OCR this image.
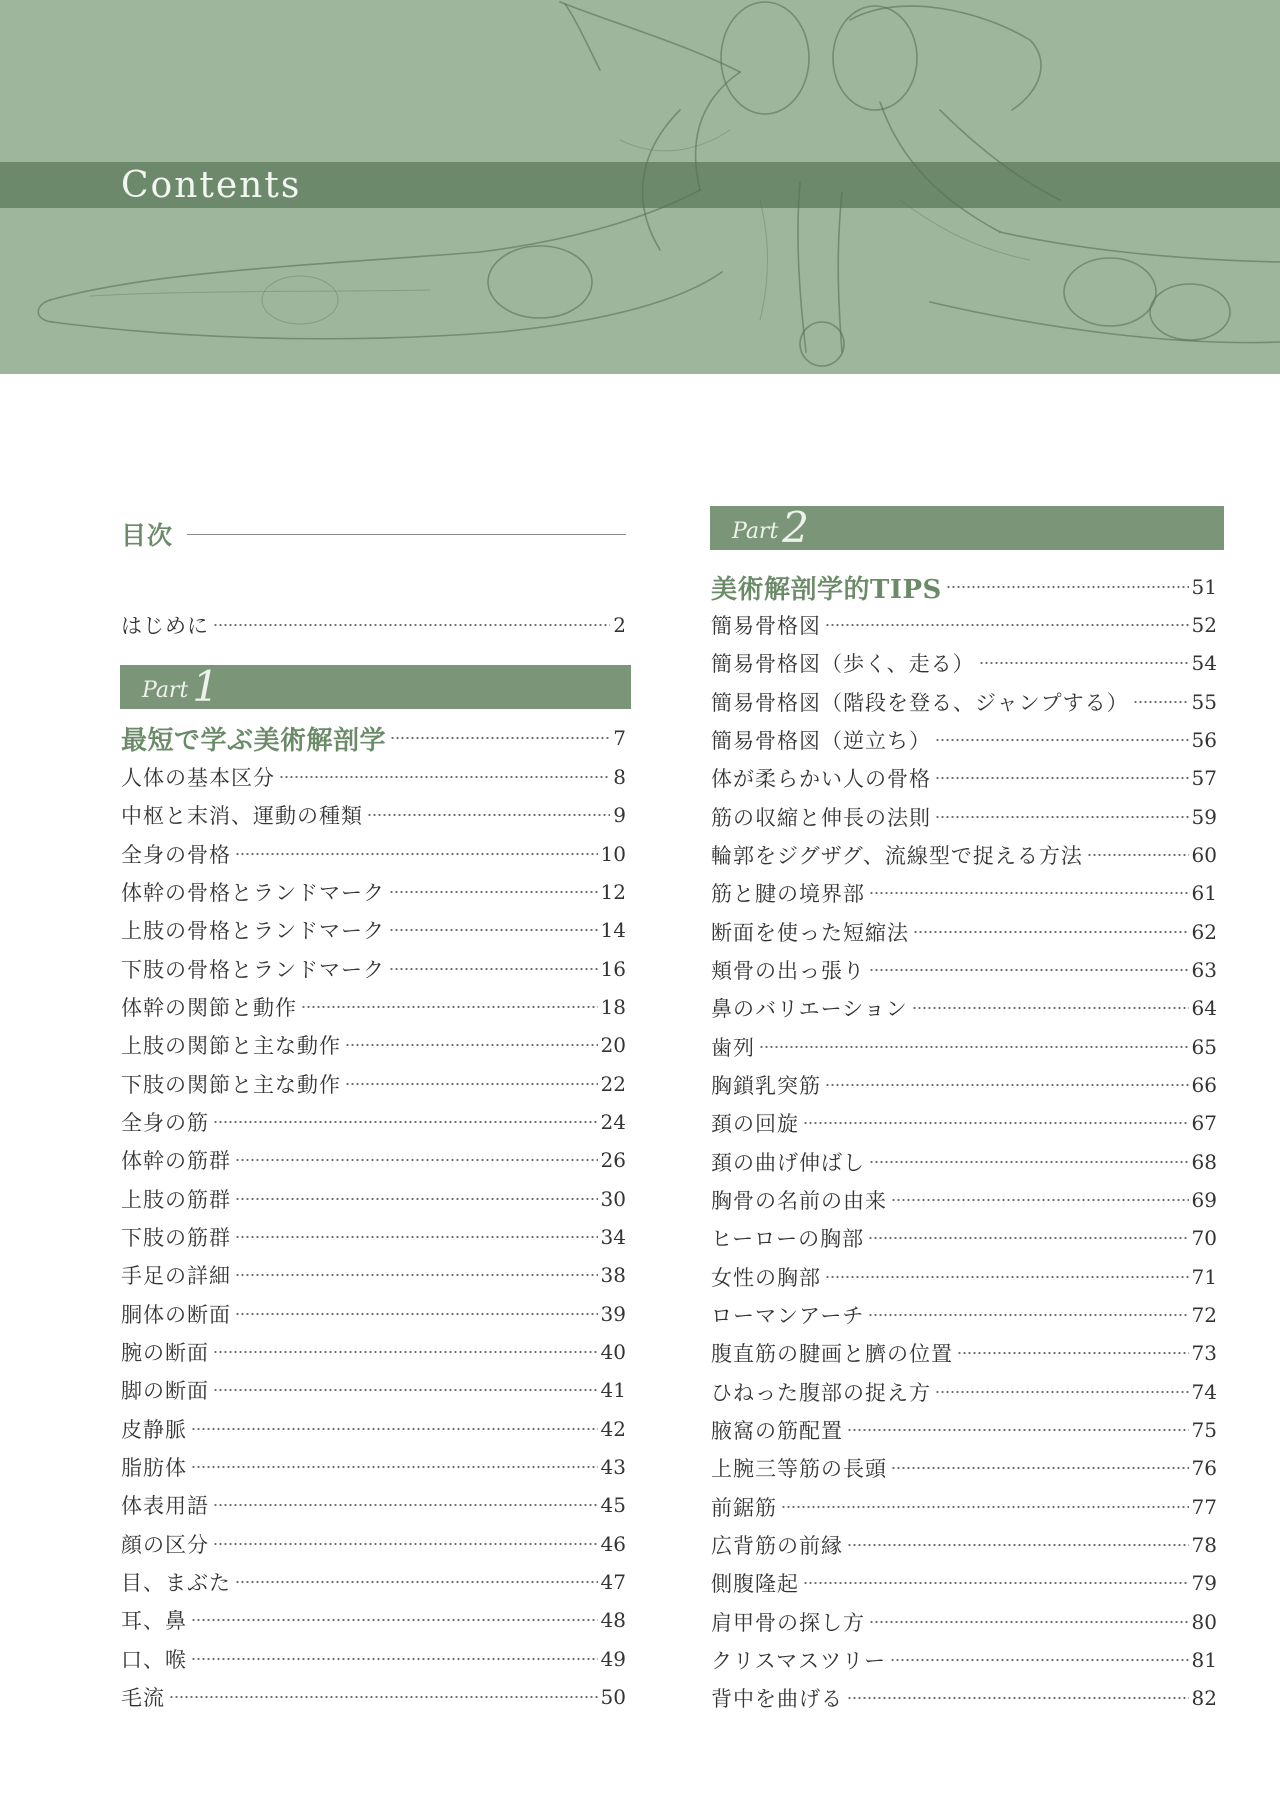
Contents
目次
はじめに	2
Part 1
最短で学ぶ美術解剖学	7
人体の基本区分	8
中枢と末消、運動の種類	9
全身の骨格	10
体幹の骨格とランドマーク	12
上肢の骨格とランドマーク	14
下肢の骨格とランドマーク	16
体幹の関節と動作	18
上肢の関節と主な動作	20
下肢の関節と主な動作	22
全身の筋	24
体幹の筋群	26
上肢の筋群	30
下肢の筋群	34
手足の詳細	38
胴体の断面	39
腕の断面	40
脚の断面	41
皮静脈	42
脂肪体	43
体表用語	45
顔の区分	46
目、まぶた	47
耳、鼻	48
口、喉	49
毛流	50
Part 2
美術解剖学的TIPS	51
簡易骨格図	52
簡易骨格図（歩く、走る）	54
簡易骨格図（階段を登る、ジャンプする）	55
簡易骨格図（逆立ち）	56
体が柔らかい人の骨格	57
筋の収縮と伸長の法則	59
輪郭をジグザグ、流線型で捉える方法	60
筋と腱の境界部	61
断面を使った短縮法	62
頬骨の出っ張り	63
鼻のバリエーション	64
歯列	65
胸鎖乳突筋	66
頚の回旋	67
頚の曲げ伸ばし	68
胸骨の名前の由来	69
ヒーローの胸部	70
女性の胸部	71
ローマンアーチ	72
腹直筋の腱画と臍の位置	73
ひねった腹部の捉え方	74
腋窩の筋配置	75
上腕三等筋の長頭	76
前鋸筋	77
広背筋の前縁	78
側腹隆起	79
肩甲骨の探し方	80
クリスマスツリー	81
背中を曲げる	82
